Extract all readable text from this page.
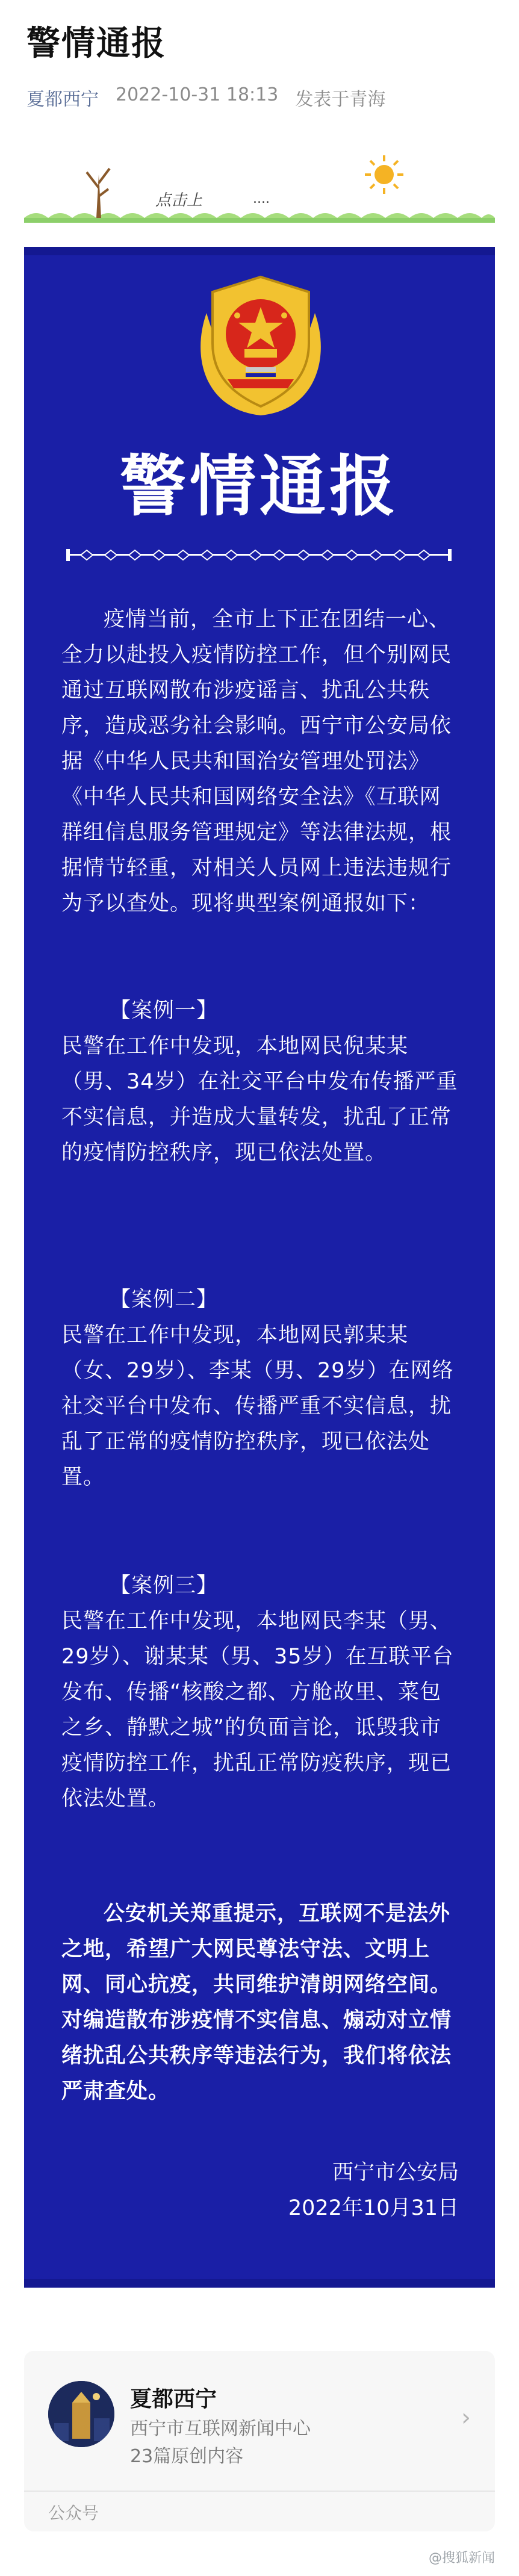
警情通报
夏都西宁 2022-10-31 18:13 发表于青海
点击上	....
警情通报

疫情当前，全市上下正在团结一心、全力以赴投入疫情防控工作，但个别网民通过互联网散布涉疫谣言、扰乱公共秩序，造成恶劣社会影响。西宁市公安局依据《中华人民共和国治安管理处罚法》《中华人民共和国网络安全法》《互联网群组信息服务管理规定》等法律法规，根据情节轻重，对相关人员网上违法违规行为予以查处。现将典型案例通报如下：

【案例一】

民警在工作中发现，本地网民倪某某（男、34岁）在社交平台中发布传播严重不实信息，并造成大量转发，扰乱了正常的疫情防控秩序，现已依法处置。

【案例二】

民警在工作中发现，本地网民郭某某（女、29岁）、李某（男、29岁）在网络社交平台中发布、传播严重不实信息，扰乱了正常的疫情防控秩序，现已依法处置。

【案例三】

民警在工作中发现，本地网民李某（男、29岁）、谢某某（男、35岁）在互联平台发布、传播“核酸之都、方舱故里、菜包之乡、静默之城”的负面言论，诋毁我市疫情防控工作，扰乱正常防疫秩序，现已依法处置。

公安机关郑重提示，互联网不是法外之地，希望广大网民尊法守法、文明上网、同心抗疫，共同维护清朗网络空间。对编造散布涉疫情不实信息、煽动对立情绪扰乱公共秩序等违法行为，我们将依法严肃查处。

西宁市公安局

2022年10月31日

夏都西宁
西宁市互联网新闻中心
23篇原创内容
›
公众号
@搜狐新闻
